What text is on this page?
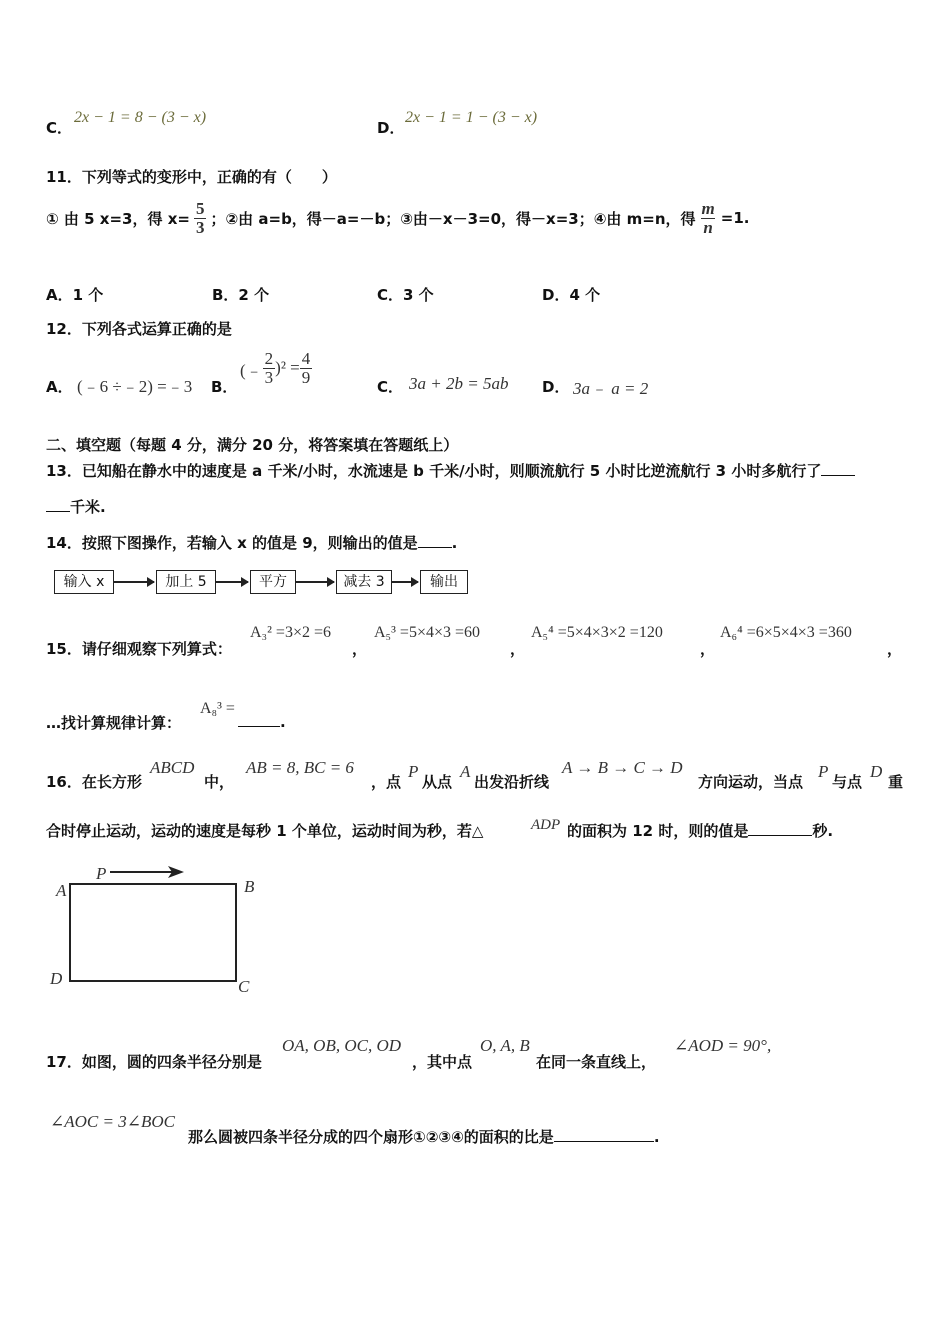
C．
2x − 1 = 8 − (3 − x)
D．
2x − 1 = 1 − (3 − x)
11．下列等式的变形中，正确的有（　　）
① 由 5 x=3，得 $x= \frac{5}{3}$ ；②由 a=b，得－a=－b；③由－x－3=0，得－x=3；④由 m=n，得 $\frac{m}{n} =1$.
A．1 个	B．2 个	C．3 个	D．4 个
12．下列各式运算正确的是
A． (﹣6 ÷﹣2) =﹣3 B．
(﹣ $\frac{2}{3} )^2 = \frac{4}{9}$
C． 3a + 2b = 5ab D． 3a﹣ a = 2
二、填空题（每题 4 分，满分 20 分，将答案填在答题纸上）
13．已知船在静水中的速度是 a 千米/小时，水流速是 b 千米/小时，则顺流航行 5 小时比逆流航行 3 小时多航行了
千米.
14．按照下图操作，若输入 x 的值是 9，则输出的值是 .
输入 x	加上 5	平方	减去 3	输出
15．请仔细观察下列算式：
A₃² =3×2 =6
，
A₅³ =5×4×3 =60
，
A₅⁴ =5×4×3×2 =120
，
A₆⁴ =6×5×4×3 =360
，
…找计算规律计算：
A₈³ =
.
16．在长方形
ABCD
中，
AB = 8, BC = 6
，点
P
从点
A
出发沿折线
A → B → C → D
方向运动，当点
P
与点
D
重
合时停止运动，运动的速度是每秒 1 个单位，运动时间为秒，若△	ADP 的面积为 12 时，则的值是	秒.
P
A	B
C
D
17．如图，圆的四条半径分别是
OA, OB, OC, OD
，其中点
O, A, B
在同一条直线上，
∠AOD = 90°,
∠AOC = 3∠BOC
那么圆被四条半径分成的四个扇形①②③④的面积的比是	.
